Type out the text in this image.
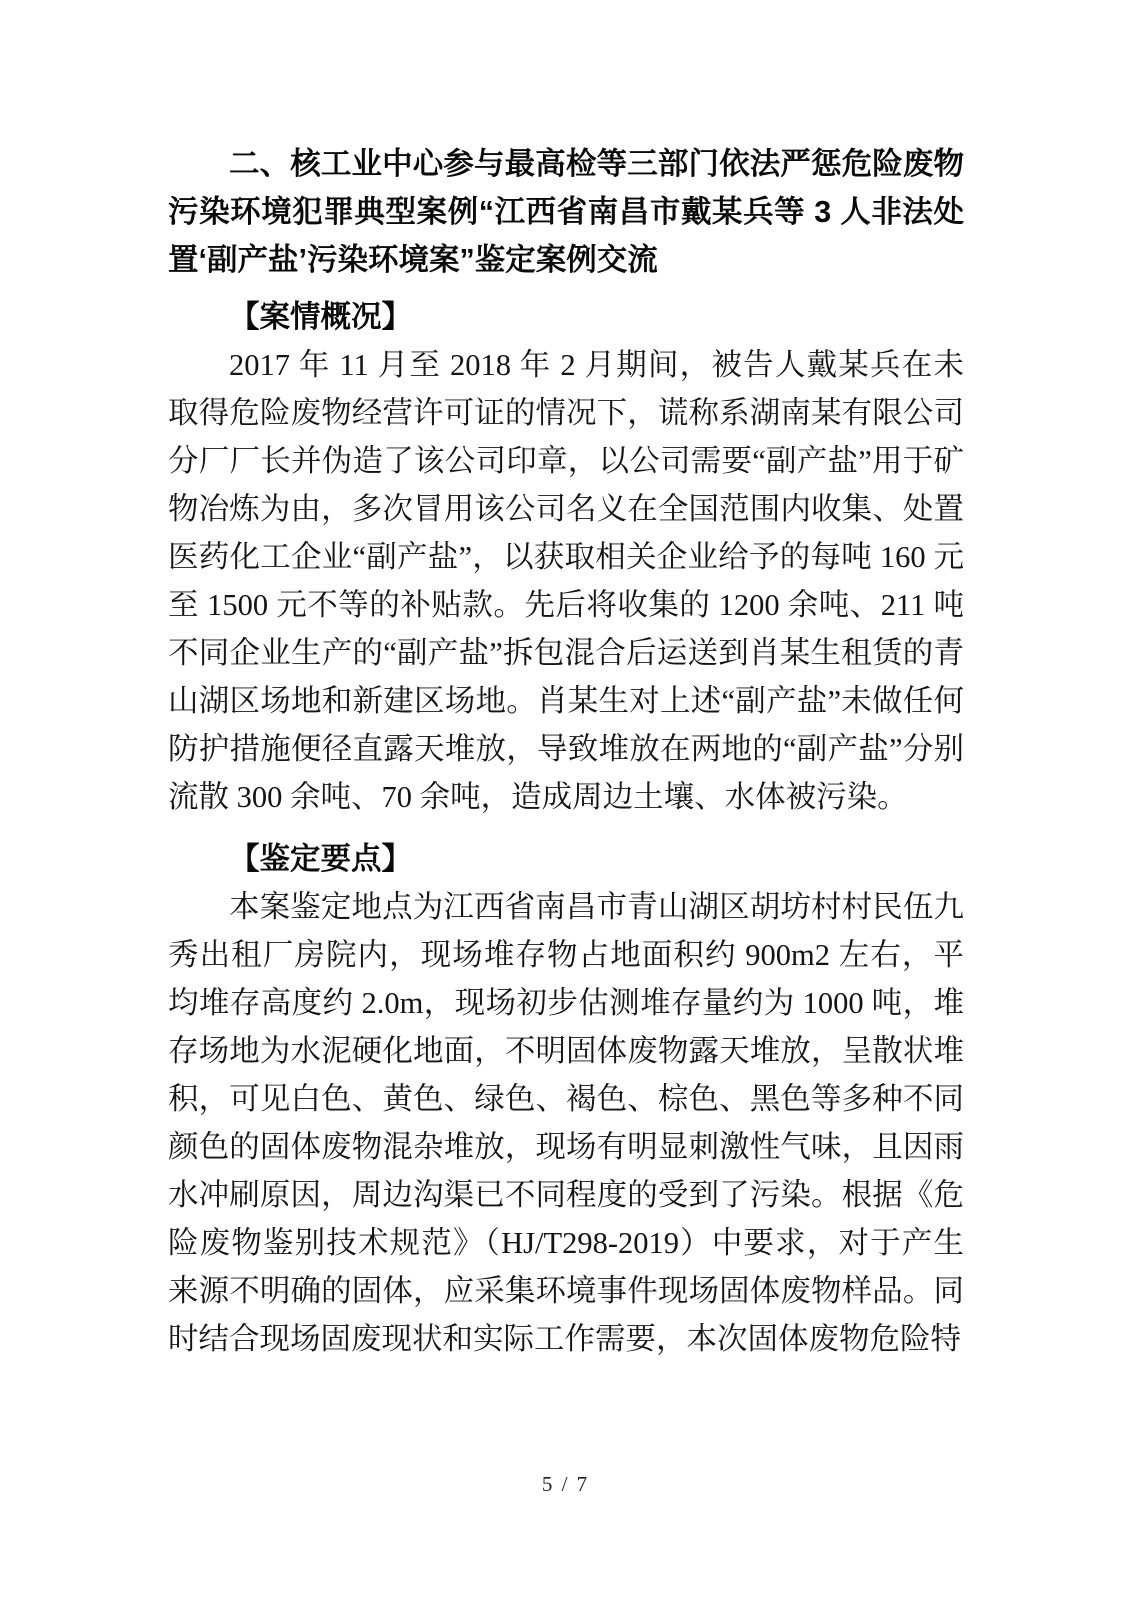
二、核工业中心参与最高检等三部门依法严惩危险废物污染环境犯罪典型案例“江西省南昌市戴某兵等 3 人非法处置‘副产盐’污染环境案”鉴定案例交流
【案情概况】
2017 年 11 月至 2018 年 2 月期间，被告人戴某兵在未取得危险废物经营许可证的情况下，谎称系湖南某有限公司分厂厂长并伪造了该公司印章，以公司需要“副产盐”用于矿物冶炼为由，多次冒用该公司名义在全国范围内收集、处置医药化工企业“副产盐”，以获取相关企业给予的每吨 160 元至 1500 元不等的补贴款。先后将收集的 1200 余吨、211 吨不同企业生产的“副产盐”拆包混合后运送到肖某生租赁的青山湖区场地和新建区场地。肖某生对上述“副产盐”未做任何防护措施便径直露天堆放，导致堆放在两地的“副产盐”分别流散 300 余吨、70 余吨，造成周边土壤、水体被污染。
【鉴定要点】
本案鉴定地点为江西省南昌市青山湖区胡坊村村民伍九秀出租厂房院内，现场堆存物占地面积约 900m2 左右，平均堆存高度约 2.0m，现场初步估测堆存量约为 1000 吨，堆存场地为水泥硬化地面，不明固体废物露天堆放，呈散状堆积，可见白色、黄色、绿色、褐色、棕色、黑色等多种不同颜色的固体废物混杂堆放，现场有明显刺激性气味，且因雨水冲刷原因，周边沟渠已不同程度的受到了污染。根据《危险废物鉴别技术规范》（HJ/T298-2019）中要求，对于产生来源不明确的固体，应采集环境事件现场固体废物样品。同时结合现场固废现状和实际工作需要，本次固体废物危险特
5 / 7
